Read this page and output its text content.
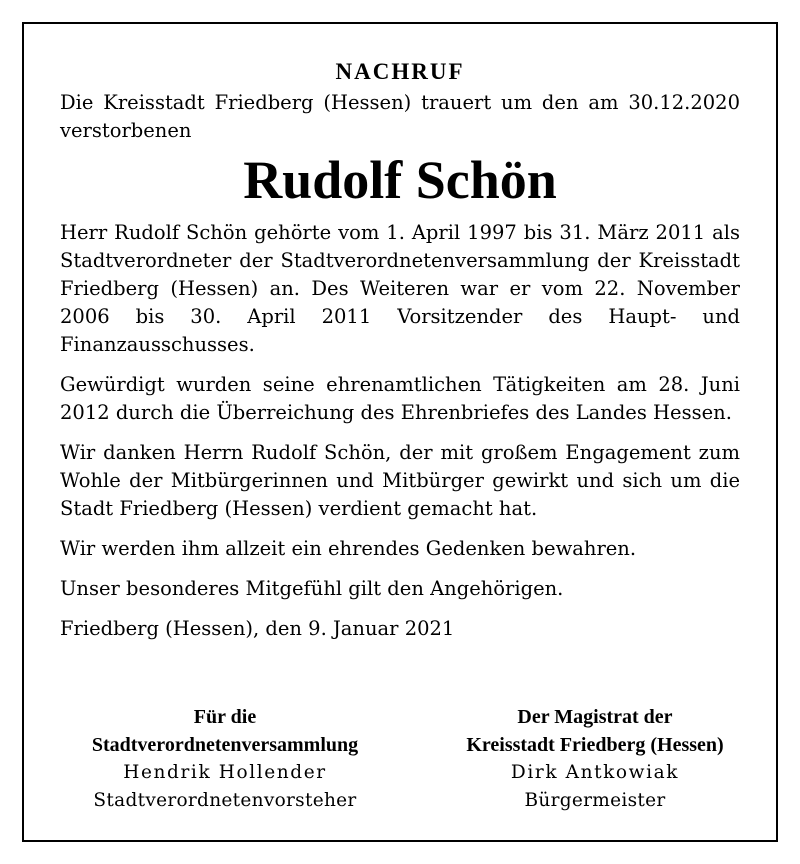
NACHRUF

Die Kreisstadt Friedberg (Hessen) trauert um den am 30.12.2020 verstorbenen

Rudolf Schön

Herr Rudolf Schön gehörte vom 1. April 1997 bis 31. März 2011 als Stadtverordneter der Stadtverordnetenversammlung der Kreisstadt Friedberg (Hessen) an. Des Weiteren war er vom 22. November 2006 bis 30. April 2011 Vorsitzender des Haupt- und Finanzausschusses.

Gewürdigt wurden seine ehrenamtlichen Tätigkeiten am 28. Juni 2012 durch die Überreichung des Ehrenbriefes des Landes Hessen.

Wir danken Herrn Rudolf Schön, der mit großem Engagement zum Wohle der Mitbürgerinnen und Mitbürger gewirkt und sich um die Stadt Friedberg (Hessen) verdient gemacht hat.

Wir werden ihm allzeit ein ehrendes Gedenken bewahren.

Unser besonderes Mitgefühl gilt den Angehörigen.

Friedberg (Hessen), den 9. Januar 2021

Für die
Stadtverordnetenversammlung
Hendrik Hollender
Stadtverordnetenvorsteher
Der Magistrat der
Kreisstadt Friedberg (Hessen)
Dirk Antkowiak
Bürgermeister
